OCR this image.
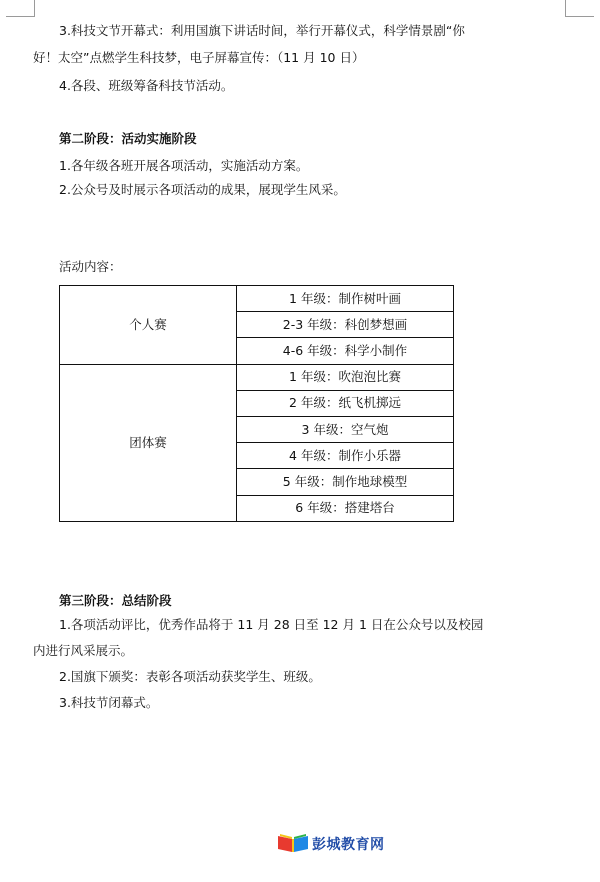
3.科技文节开幕式：利用国旗下讲话时间，举行开幕仪式，科学情景剧“你
好！太空”点燃学生科技梦，电子屏幕宣传：（11 月 10 日）
4.各段、班级筹备科技节活动。
第二阶段：活动实施阶段
1.各年级各班开展各项活动，实施活动方案。
2.公众号及时展示各项活动的成果，展现学生风采。
活动内容：
个人赛	1 年级：制作树叶画
	2-3 年级：科创梦想画
	4-6 年级：科学小制作
团体赛	1 年级：吹泡泡比赛
	2 年级：纸飞机掷远
	3 年级：空气炮
	4 年级：制作小乐器
	5 年级：制作地球模型
	6 年级：搭建塔台
第三阶段：总结阶段
1.各项活动评比，优秀作品将于 11 月 28 日至 12 月 1 日在公众号以及校园
内进行风采展示。
2.国旗下颁奖：表彰各项活动获奖学生、班级。
3.科技节闭幕式。
彭城教育网
